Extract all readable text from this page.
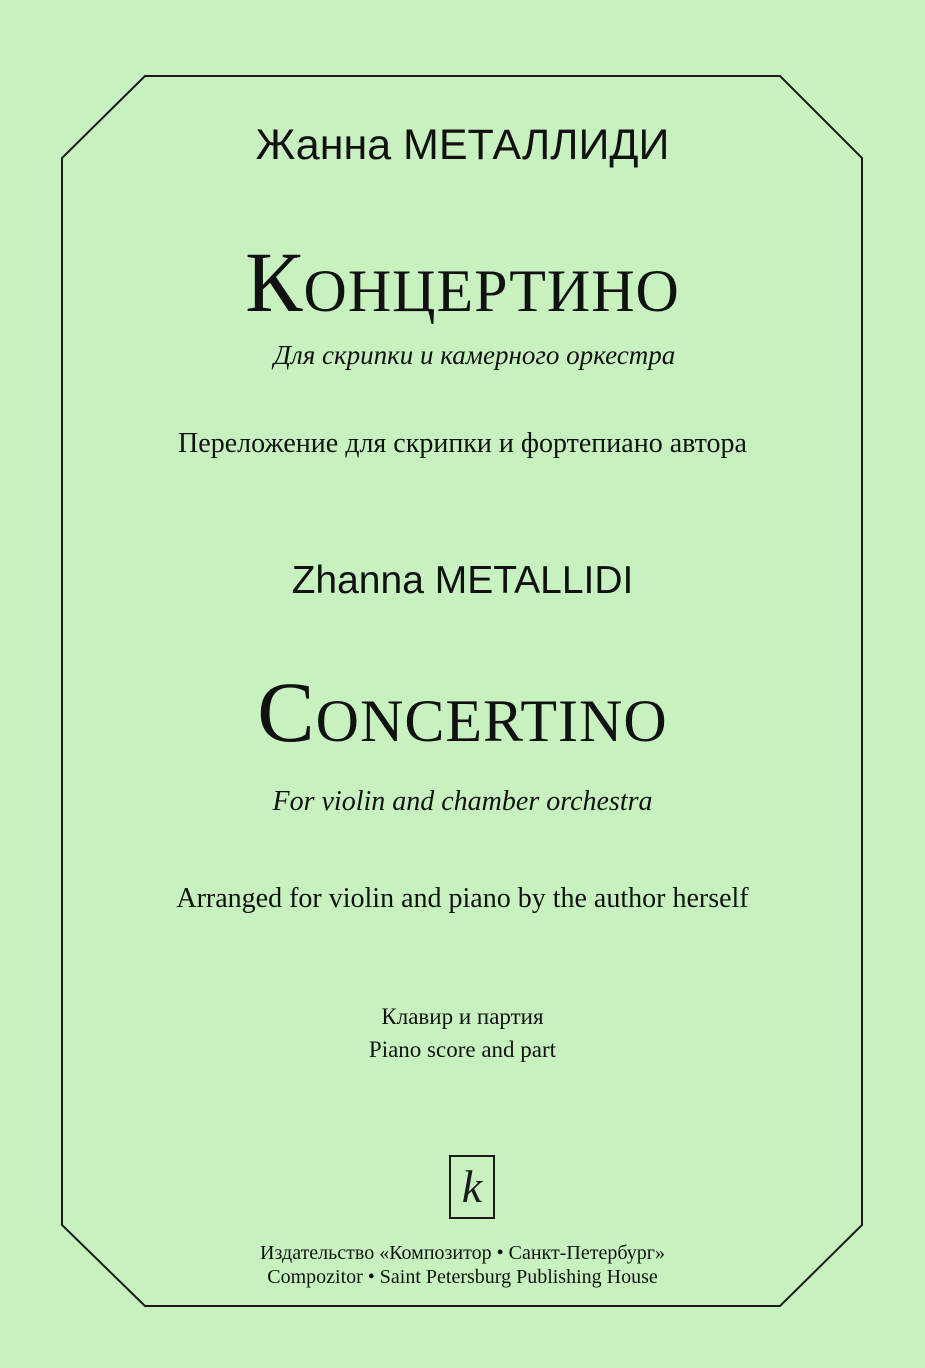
Жанна МЕТАЛЛИДИ
Концертино
Для скрипки и камерного оркестра
Переложение для скрипки и фортепиано автора
Zhanna METALLIDI
Concertino
For violin and chamber orchestra
Arranged for violin and piano by the author herself
Клавир и партия
Piano score and part
k
Издательство «Композитор • Санкт-Петербург»
Compozitor • Saint Petersburg Publishing House
